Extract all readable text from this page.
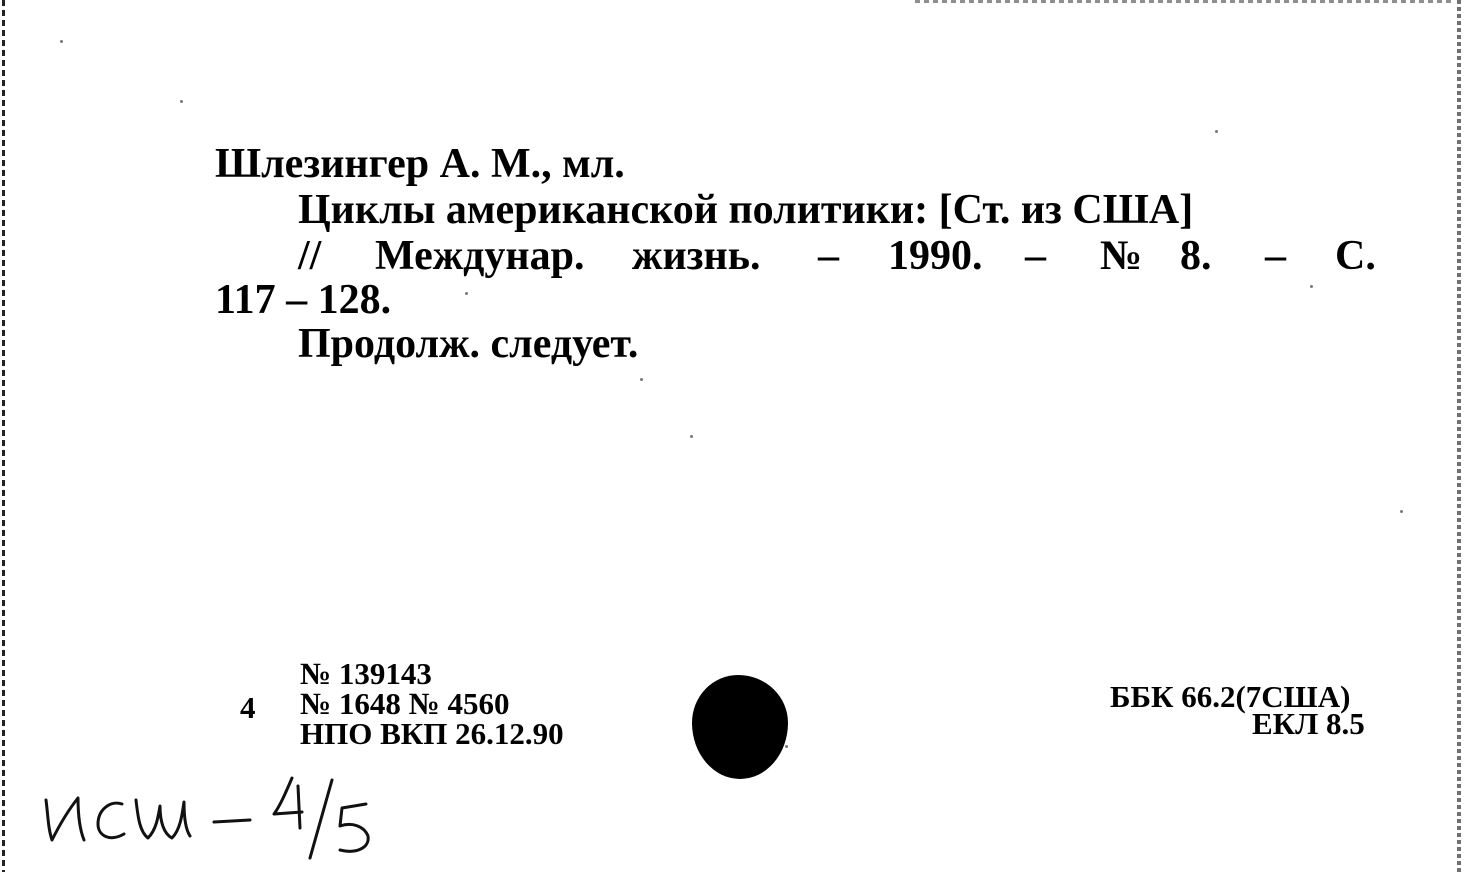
Шлезингер А. М., мл.
Циклы американской политики: [Ст. из США]
// Междунар. жизнь. – 1990. – № 8. – С.
117 – 128.
Продолж. следует.
4
№ 139143
№ 1648 № 4560
НПО ВКП 26.12.90
ББК 66.2(7США)
ЕКЛ 8.5
